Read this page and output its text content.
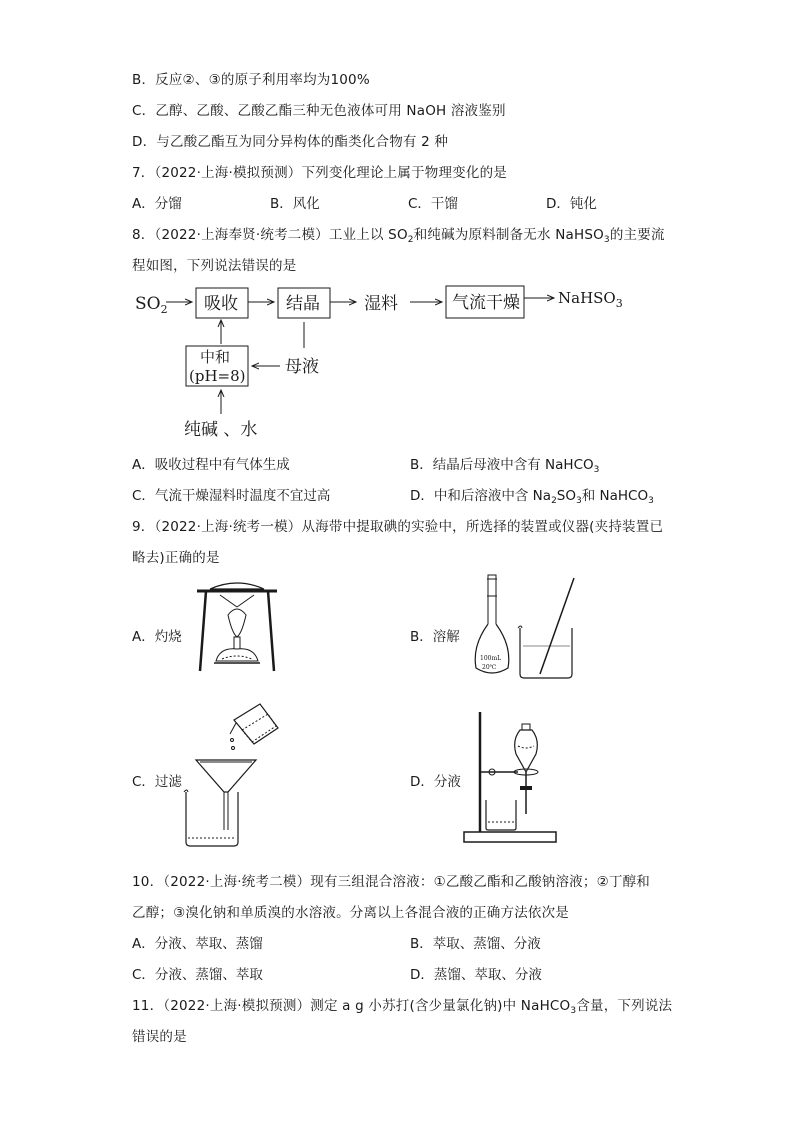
B．反应②、③的原子利用率均为100%
C．乙醇、乙酸、乙酸乙酯三种无色液体可用 NaOH 溶液鉴别
D．与乙酸乙酯互为同分异构体的酯类化合物有 2 种
7．（2022·上海·模拟预测）下列变化理论上属于物理变化的是
A．分馏	B．风化	C．干馏	D．钝化
8．（2022·上海奉贤·统考二模）工业上以 $SO_2$和纯碱为原料制备无水 NaHSO$_3$的主要流
程如图，下列说法错误的是
$SO_2$ 吸收	结晶	湿料	气流干燥	NaHSO$_3$
中和
(pH=8) 母液
纯碱 、水
A．吸收过程中有气体生成	B．结晶后母液中含有 NaHCO$_3$
C．气流干燥湿料时温度不宜过高	D．中和后溶液中含 $Na_2SO_3$和 NaHCO$_3$
9．（2022·上海·统考一模）从海带中提取碘的实验中，所选择的装置或仪器(夹持装置已
略去)正确的是
A．灼烧	B．溶解
100mL
20℃
C．过滤	D．分液
10．（2022·上海·统考二模）现有三组混合溶液：①乙酸乙酯和乙酸钠溶液；②丁醇和
乙醇；③溴化钠和单质溴的水溶液。分离以上各混合液的正确方法依次是
A．分液、萃取、蒸馏	B．萃取、蒸馏、分液
C．分液、蒸馏、萃取	D．蒸馏、萃取、分液
11．（2022·上海·模拟预测）测定 a g 小苏打(含少量氯化钠)中 NaHCO$_3$含量，下列说法
错误的是
